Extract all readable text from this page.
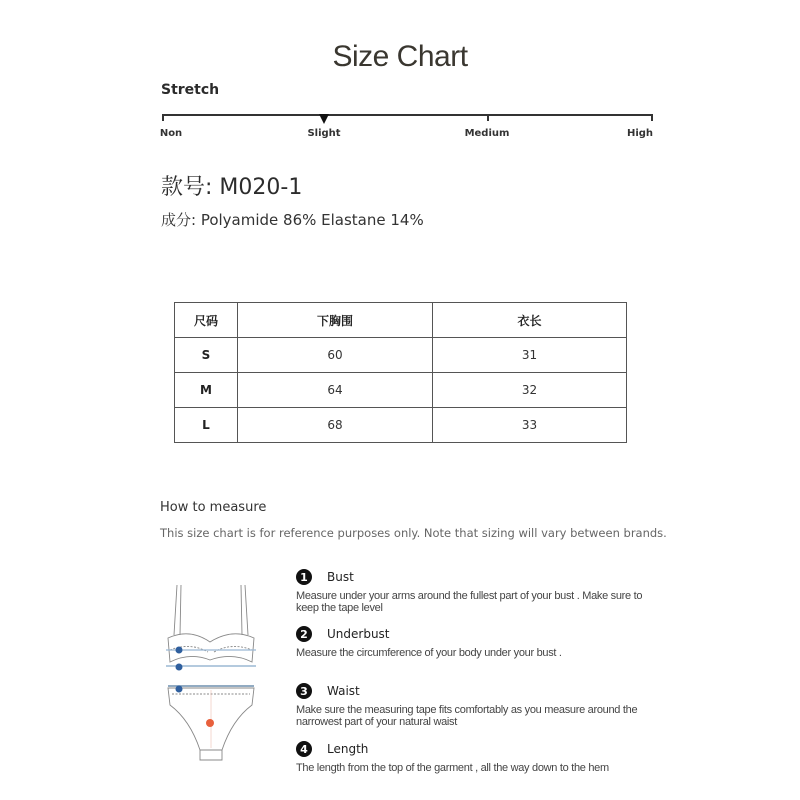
Size Chart
Stretch
Non	Slight	Medium	High
款号: M020-1
成分: Polyamide 86% Elastane 14%
尺码	下胸围	衣长
S	60	31
M	64	32
L	68	33
How to measure
This size chart is for reference purposes only. Note that sizing will vary between brands.
1	Bust
Measure under your arms around the fullest part of your bust . Make sure to keep the tape level
2	Underbust
Measure the circumference of your body under your bust .
3	Waist
Make sure the measuring tape fits comfortably as you measure around the narrowest part of your natural waist
4	Length
The length from the top of the garment , all the way down to the hem
